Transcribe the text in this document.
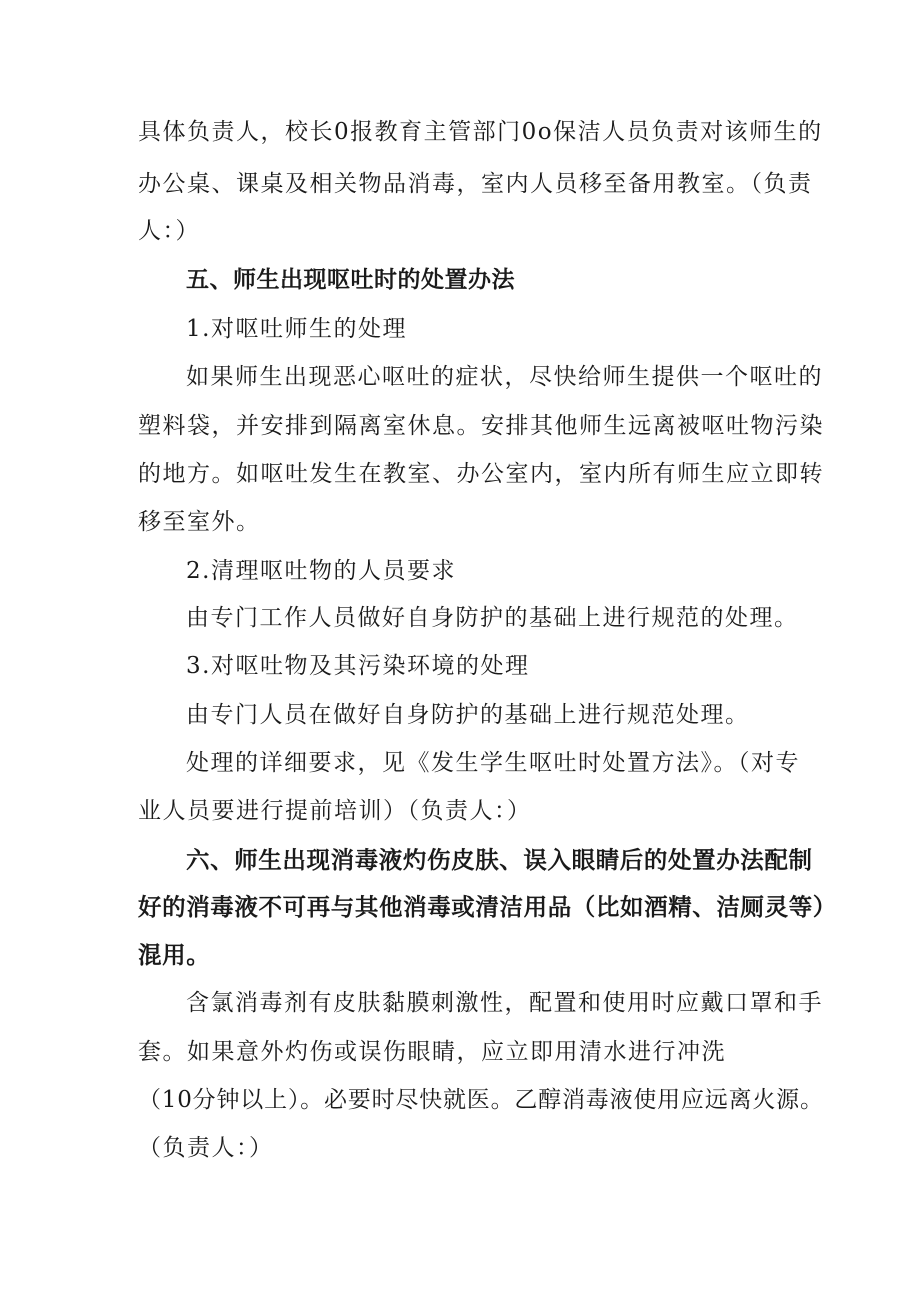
具体负责人，校长0报教育主管部门0o保洁人员负责对该师生的
办公桌、课桌及相关物品消毒，室内人员移至备用教室。（负责
人：）
五、师生出现呕吐时的处置办法
1.对呕吐师生的处理
如果师生出现恶心呕吐的症状，尽快给师生提供一个呕吐的
塑料袋，并安排到隔离室休息。安排其他师生远离被呕吐物污染
的地方。如呕吐发生在教室、办公室内，室内所有师生应立即转
移至室外。
2.清理呕吐物的人员要求
由专门工作人员做好自身防护的基础上进行规范的处理。
3.对呕吐物及其污染环境的处理
由专门人员在做好自身防护的基础上进行规范处理。
处理的详细要求，见《发生学生呕吐时处置方法》。（对专
业人员要进行提前培训）（负责人：）
六、师生出现消毒液灼伤皮肤、误入眼睛后的处置办法配制
好的消毒液不可再与其他消毒或清洁用品（比如酒精、洁厕灵等）
混用。
含氯消毒剂有皮肤黏膜刺激性，配置和使用时应戴口罩和手
套。如果意外灼伤或误伤眼睛，应立即用清水进行冲洗
（10分钟以上）。必要时尽快就医。乙醇消毒液使用应远离火源。
（负责人：）
